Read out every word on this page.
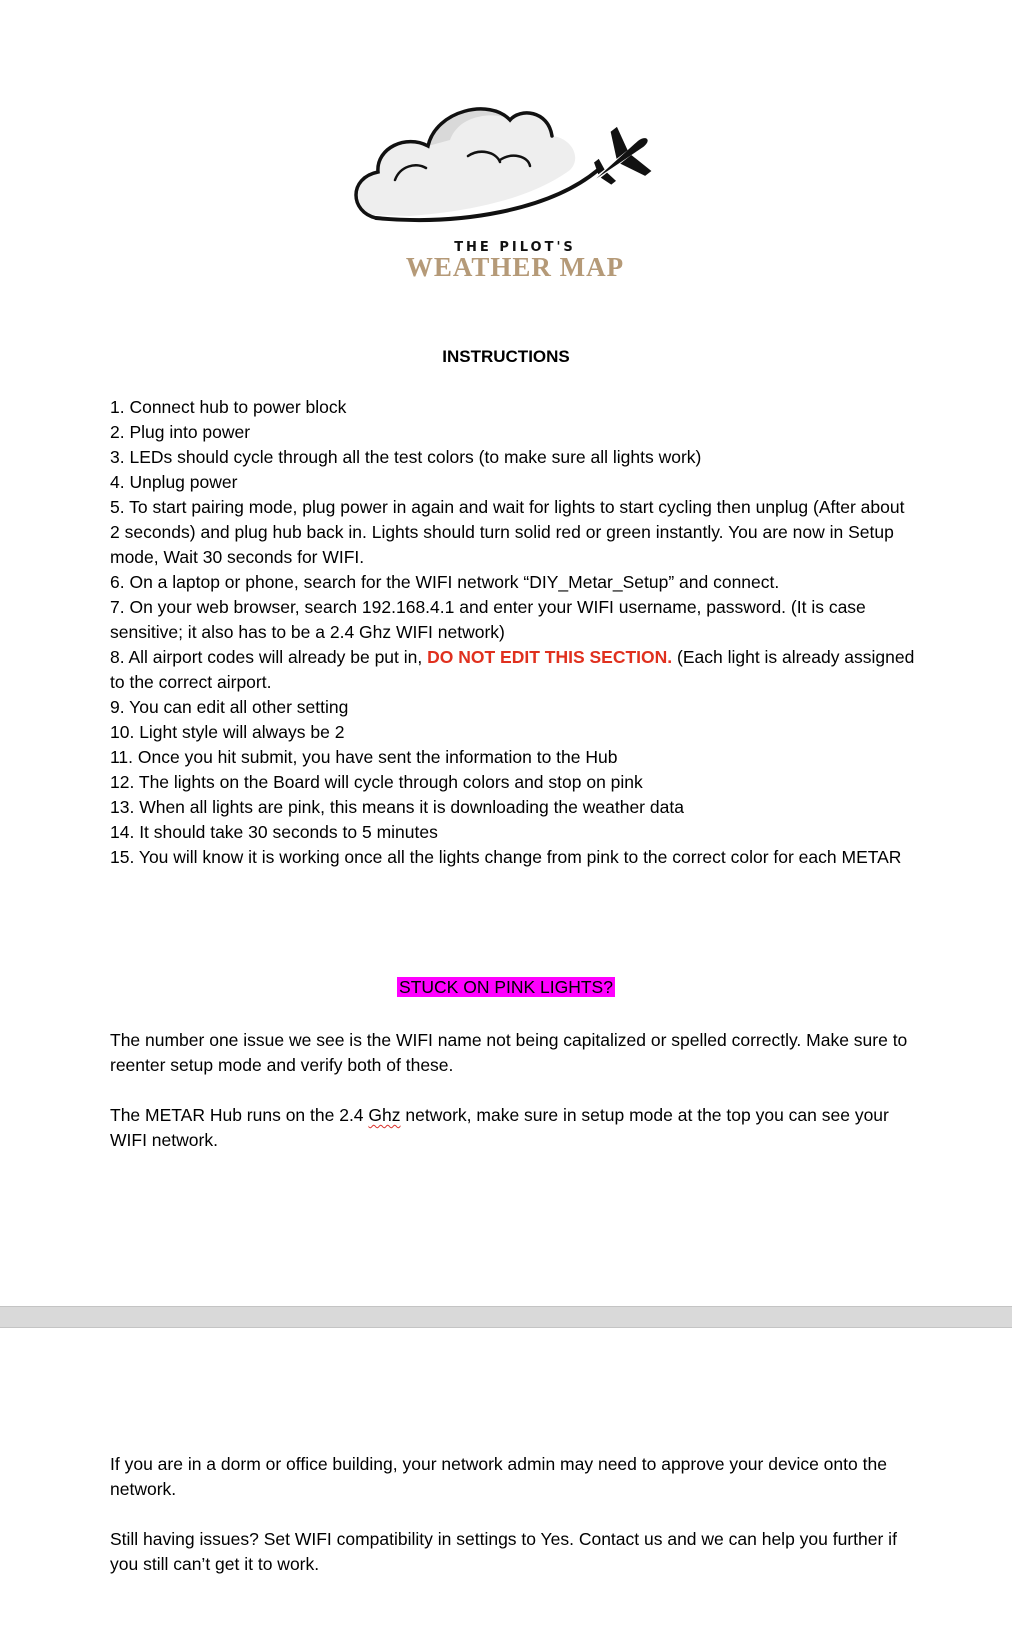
THE PILOT'S
WEATHER MAP
INSTRUCTIONS
1. Connect hub to power block
2. Plug into power
3. LEDs should cycle through all the test colors (to make sure all lights work)
4. Unplug power
5. To start pairing mode, plug power in again and wait for lights to start cycling then unplug (After about 2 seconds) and plug hub back in. Lights should turn solid red or green instantly. You are now in Setup mode, Wait 30 seconds for WIFI.
6. On a laptop or phone, search for the WIFI network “DIY_Metar_Setup” and connect.
7. On your web browser, search 192.168.4.1 and enter your WIFI username, password. (It is case sensitive; it also has to be a 2.4 Ghz WIFI network)
8. All airport codes will already be put in, DO NOT EDIT THIS SECTION. (Each light is already assigned to the correct airport.
9. You can edit all other setting
10. Light style will always be 2
11. Once you hit submit, you have sent the information to the Hub
12. The lights on the Board will cycle through colors and stop on pink
13. When all lights are pink, this means it is downloading the weather data
14. It should take 30 seconds to 5 minutes
15. You will know it is working once all the lights change from pink to the correct color for each METAR
STUCK ON PINK LIGHTS?

The number one issue we see is the WIFI name not being capitalized or spelled correctly. Make sure to reenter setup mode and verify both of these.

The METAR Hub runs on the 2.4 Ghz network, make sure in setup mode at the top you can see your WIFI network.

If you are in a dorm or office building, your network admin may need to approve your device onto the network.

Still having issues? Set WIFI compatibility in settings to Yes. Contact us and we can help you further if you still can’t get it to work.
